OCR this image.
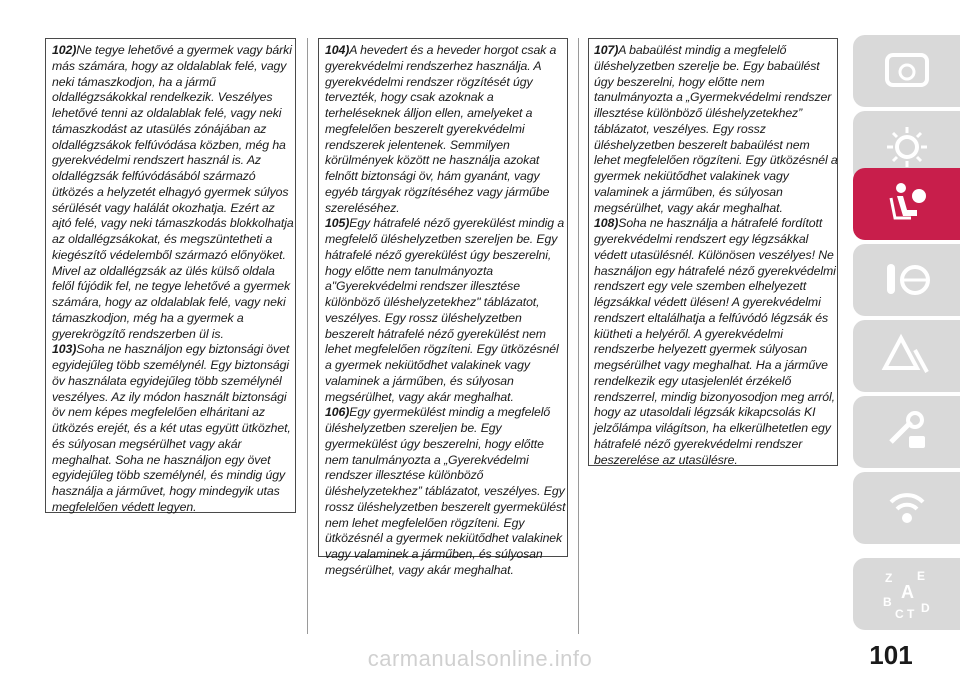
102)Ne tegye lehetővé a gyermek vagy bárki más számára, hogy az oldalablak felé, vagy neki támaszkodjon, ha a jármű oldallégzsákokkal rendelkezik. Veszélyes lehetővé tenni az oldalablak felé, vagy neki támaszkodást az utasülés zónájában az oldallégzsákok felfúvódása közben, még ha gyerekvédelmi rendszert használ is. Az oldallégzsák felfúvódásából származó ütközés a helyzetét elhagyó gyermek súlyos sérülését vagy halálát okozhatja. Ezért az ajtó felé, vagy neki támaszkodás blokkolhatja az oldallégzsákokat, és megszüntetheti a kiegészítő védelemből származó előnyöket. Mivel az oldallégzsák az ülés külső oldala felől fújódik fel, ne tegye lehetővé a gyermek számára, hogy az oldalablak felé, vagy neki támaszkodjon, még ha a gyermek a gyerekrögzítő rendszerben ül is.

103)Soha ne használjon egy biztonsági övet egyidejűleg több személynél. Egy biztonsági öv használata egyidejűleg több személynél veszélyes. Az ily módon használt biztonsági öv nem képes megfelelően elháritani az ütközés erejét, és a két utas együtt ütközhet, és súlyosan megsérülhet vagy akár meghalhat. Soha ne használjon egy övet egyidejűleg több személynél, és mindig úgy használja a járművet, hogy mindegyik utas megfelelően védett legyen.

104)A hevedert és a heveder horgot csak a gyerekvédelmi rendszerhez használja. A gyerekvédelmi rendszer rögzítését úgy tervezték, hogy csak azoknak a terheléseknek álljon ellen, amelyeket a megfelelően beszerelt gyerekvédelmi rendszerek jelentenek. Semmilyen körülmények között ne használja azokat felnőtt biztonsági öv, hám gyanánt, vagy egyéb tárgyak rögzítéséhez vagy járműbe szereléséhez.

105)Egy hátrafelé néző gyerekülést mindig a megfelelő üléshelyzetben szereljen be. Egy hátrafelé néző gyerekülést úgy beszerelni, hogy előtte nem tanulmányozta a"Gyerekvédelmi rendszer illesztése különböző üléshelyzetekhez" táblázatot, veszélyes. Egy rossz üléshelyzetben beszerelt hátrafelé néző gyerekülést nem lehet megfelelően rögzíteni. Egy ütközésnél a gyermek nekiütődhet valakinek vagy valaminek a járműben, és súlyosan megsérülhet, vagy akár meghalhat.

106)Egy gyermekülést mindig a megfelelő üléshelyzetben szereljen be. Egy gyermekülést úgy beszerelni, hogy előtte nem tanulmányozta a „Gyerekvédelmi rendszer illesztése különböző üléshelyzetekhez” táblázatot, veszélyes. Egy rossz üléshelyzetben beszerelt gyermekülést nem lehet megfelelően rögzíteni. Egy ütközésnél a gyermek nekiütődhet valakinek vagy valaminek a járműben, és súlyosan megsérülhet, vagy akár meghalhat.

107)A babaülést mindig a megfelelő üléshelyzetben szerelje be. Egy babaülést úgy beszerelni, hogy előtte nem tanulmányozta a „Gyermekvédelmi rendszer illesztése különböző üléshelyzetekhez” táblázatot, veszélyes. Egy rossz üléshelyzetben beszerelt babaülést nem lehet megfelelően rögzíteni. Egy ütközésnél a gyermek nekiütődhet valakinek vagy valaminek a járműben, és súlyosan megsérülhet, vagy akár meghalhat.

108)Soha ne használja a hátrafelé fordított gyerekvédelmi rendszert egy légzsákkal védett utasülésnél. Különösen veszélyes! Ne használjon egy hátrafelé néző gyerekvédelmi rendszert egy vele szemben elhelyezett légzsákkal védett ülésen! A gyerekvédelmi rendszert eltalálhatja a felfúvódó légzsák és kiütheti a helyéről. A gyerekvédelmi rendszerbe helyezett gyermek súlyosan megsérülhet vagy meghalhat. Ha a járműve rendelkezik egy utasjelenlét érzékelő rendszerrel, mindig bizonyosodjon meg arról, hogy az utasoldali légzsák kikapcsolás KI jelzőlámpa világítson, ha elkerülhetetlen egy hátrafelé néző gyerekvédelmi rendszer beszerelése az utasülésre.

Z E
B A
C T D
101
carmanualsonline.info
